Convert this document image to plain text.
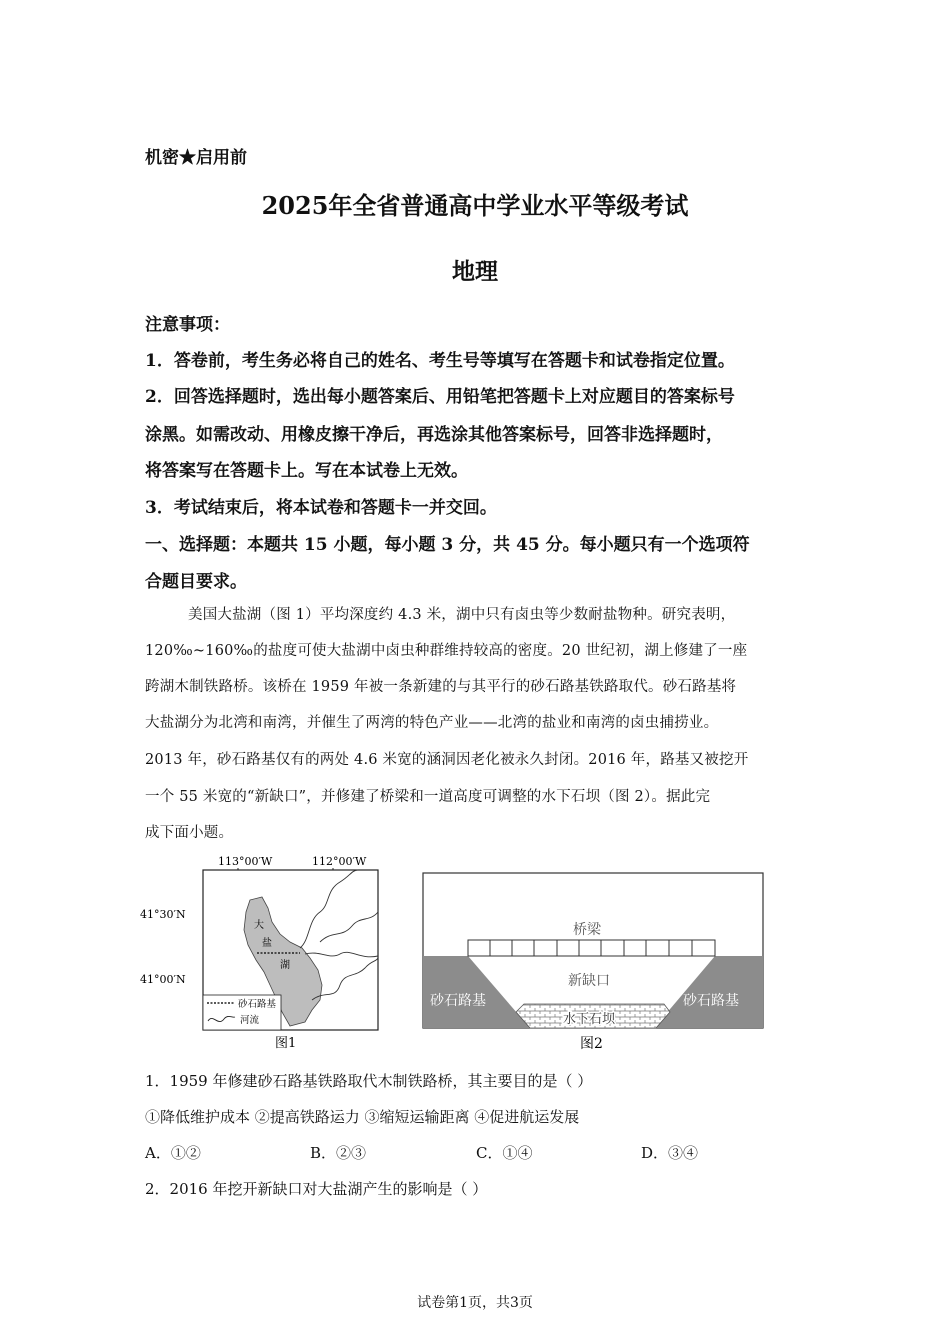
机密★启用前
2025年全省普通高中学业水平等级考试
地理
注意事项：
1．答卷前，考生务必将自己的姓名、考生号等填写在答题卡和试卷指定位置。
2．回答选择题时，选出每小题答案后、用铅笔把答题卡上对应题目的答案标号
涂黑。如需改动、用橡皮擦干净后，再选涂其他答案标号，回答非选择题时，
将答案写在答题卡上。写在本试卷上无效。
3．考试结束后，将本试卷和答题卡一并交回。
一、选择题：本题共 15 小题，每小题 3 分，共 45 分。每小题只有一个选项符
合题目要求。
美国大盐湖（图 1）平均深度约 4.3 米，湖中只有卤虫等少数耐盐物种。研究表明，
120‰~160‰的盐度可使大盐湖中卤虫种群维持较高的密度。20 世纪初，湖上修建了一座
跨湖木制铁路桥。该桥在 1959 年被一条新建的与其平行的砂石路基铁路取代。砂石路基将
大盐湖分为北湾和南湾，并催生了两湾的特色产业——北湾的盐业和南湾的卤虫捕捞业。
2013 年，砂石路基仅有的两处 4.6 米宽的涵洞因老化被永久封闭。2016 年，路基又被挖开
一个 55 米宽的“新缺口”，并修建了桥梁和一道高度可调整的水下石坝（图 2）。据此完
成下面小题。
113°00′W	112°00′W
41°30′N
41°00′N
大
盐
湖
砂石路基
河流
图1
砂石路基	砂石路基
桥梁
新缺口
水下石坝
图2
1．1959 年修建砂石路基铁路取代木制铁路桥，其主要目的是（ ）
①降低维护成本 ②提高铁路运力 ③缩短运输距离 ④促进航运发展
A．①②	B．②③	C．①④	D．③④
2．2016 年挖开新缺口对大盐湖产生的影响是（ ）
试卷第1页，共3页
